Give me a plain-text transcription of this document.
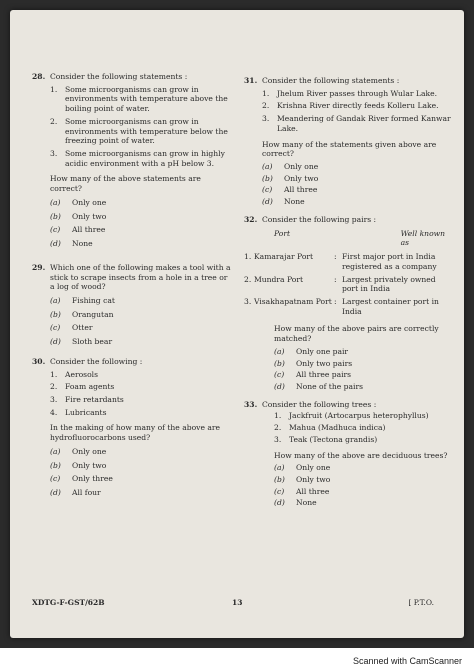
28. Consider the following statements :
1.	Some microorganisms can grow in environments with temperature above the boiling point of water.
2.	Some microorganisms can grow in environments with temperature below the freezing point of water.
3.	Some microorganisms can grow in highly acidic environment with a pH below 3.
How many of the above statements are correct?
(a)	Only one
(b)	Only two
(c)	All three
(d)	None
29. Which one of the following makes a tool with a stick to scrape insects from a hole in a tree or a log of wood?
(a)	Fishing cat
(b)	Orangutan
(c)	Otter
(d)	Sloth bear
30. Consider the following :
1.	Aerosols
2.	Foam agents
3.	Fire retardants
4.	Lubricants
In the making of how many of the above are hydrofluorocarbons used?
(a)	Only one
(b)	Only two
(c)	Only three
(d)	All four
31. Consider the following statements :
1.	Jhelum River passes through Wular Lake.
2.	Krishna River directly feeds Kolleru Lake.
3.	Meandering of Gandak River formed Kanwar Lake.
How many of the statements given above are correct?
(a)	Only one
(b)	Only two
(c)	All three
(d)	None
32. Consider the following pairs :
Port	Well known as
1. Kamarajar Port	: First major port in India registered as a company
2. Mundra Port	: Largest privately owned port in India
3. Visakhapatnam Port : Largest container port in India
How many of the above pairs are correctly matched?
(a)	Only one pair
(b)	Only two pairs
(c)	All three pairs
(d)	None of the pairs
33. Consider the following trees :
1.	Jackfruit (Artocarpus heterophyllus)
2.	Mahua (Madhuca indica)
3.	Teak (Tectona grandis)
How many of the above are deciduous trees?
(a)	Only one
(b)	Only two
(c)	All three
(d)	None
XDTG-F-GST/62B	13	[ P.T.O.
Scanned with CamScanner
